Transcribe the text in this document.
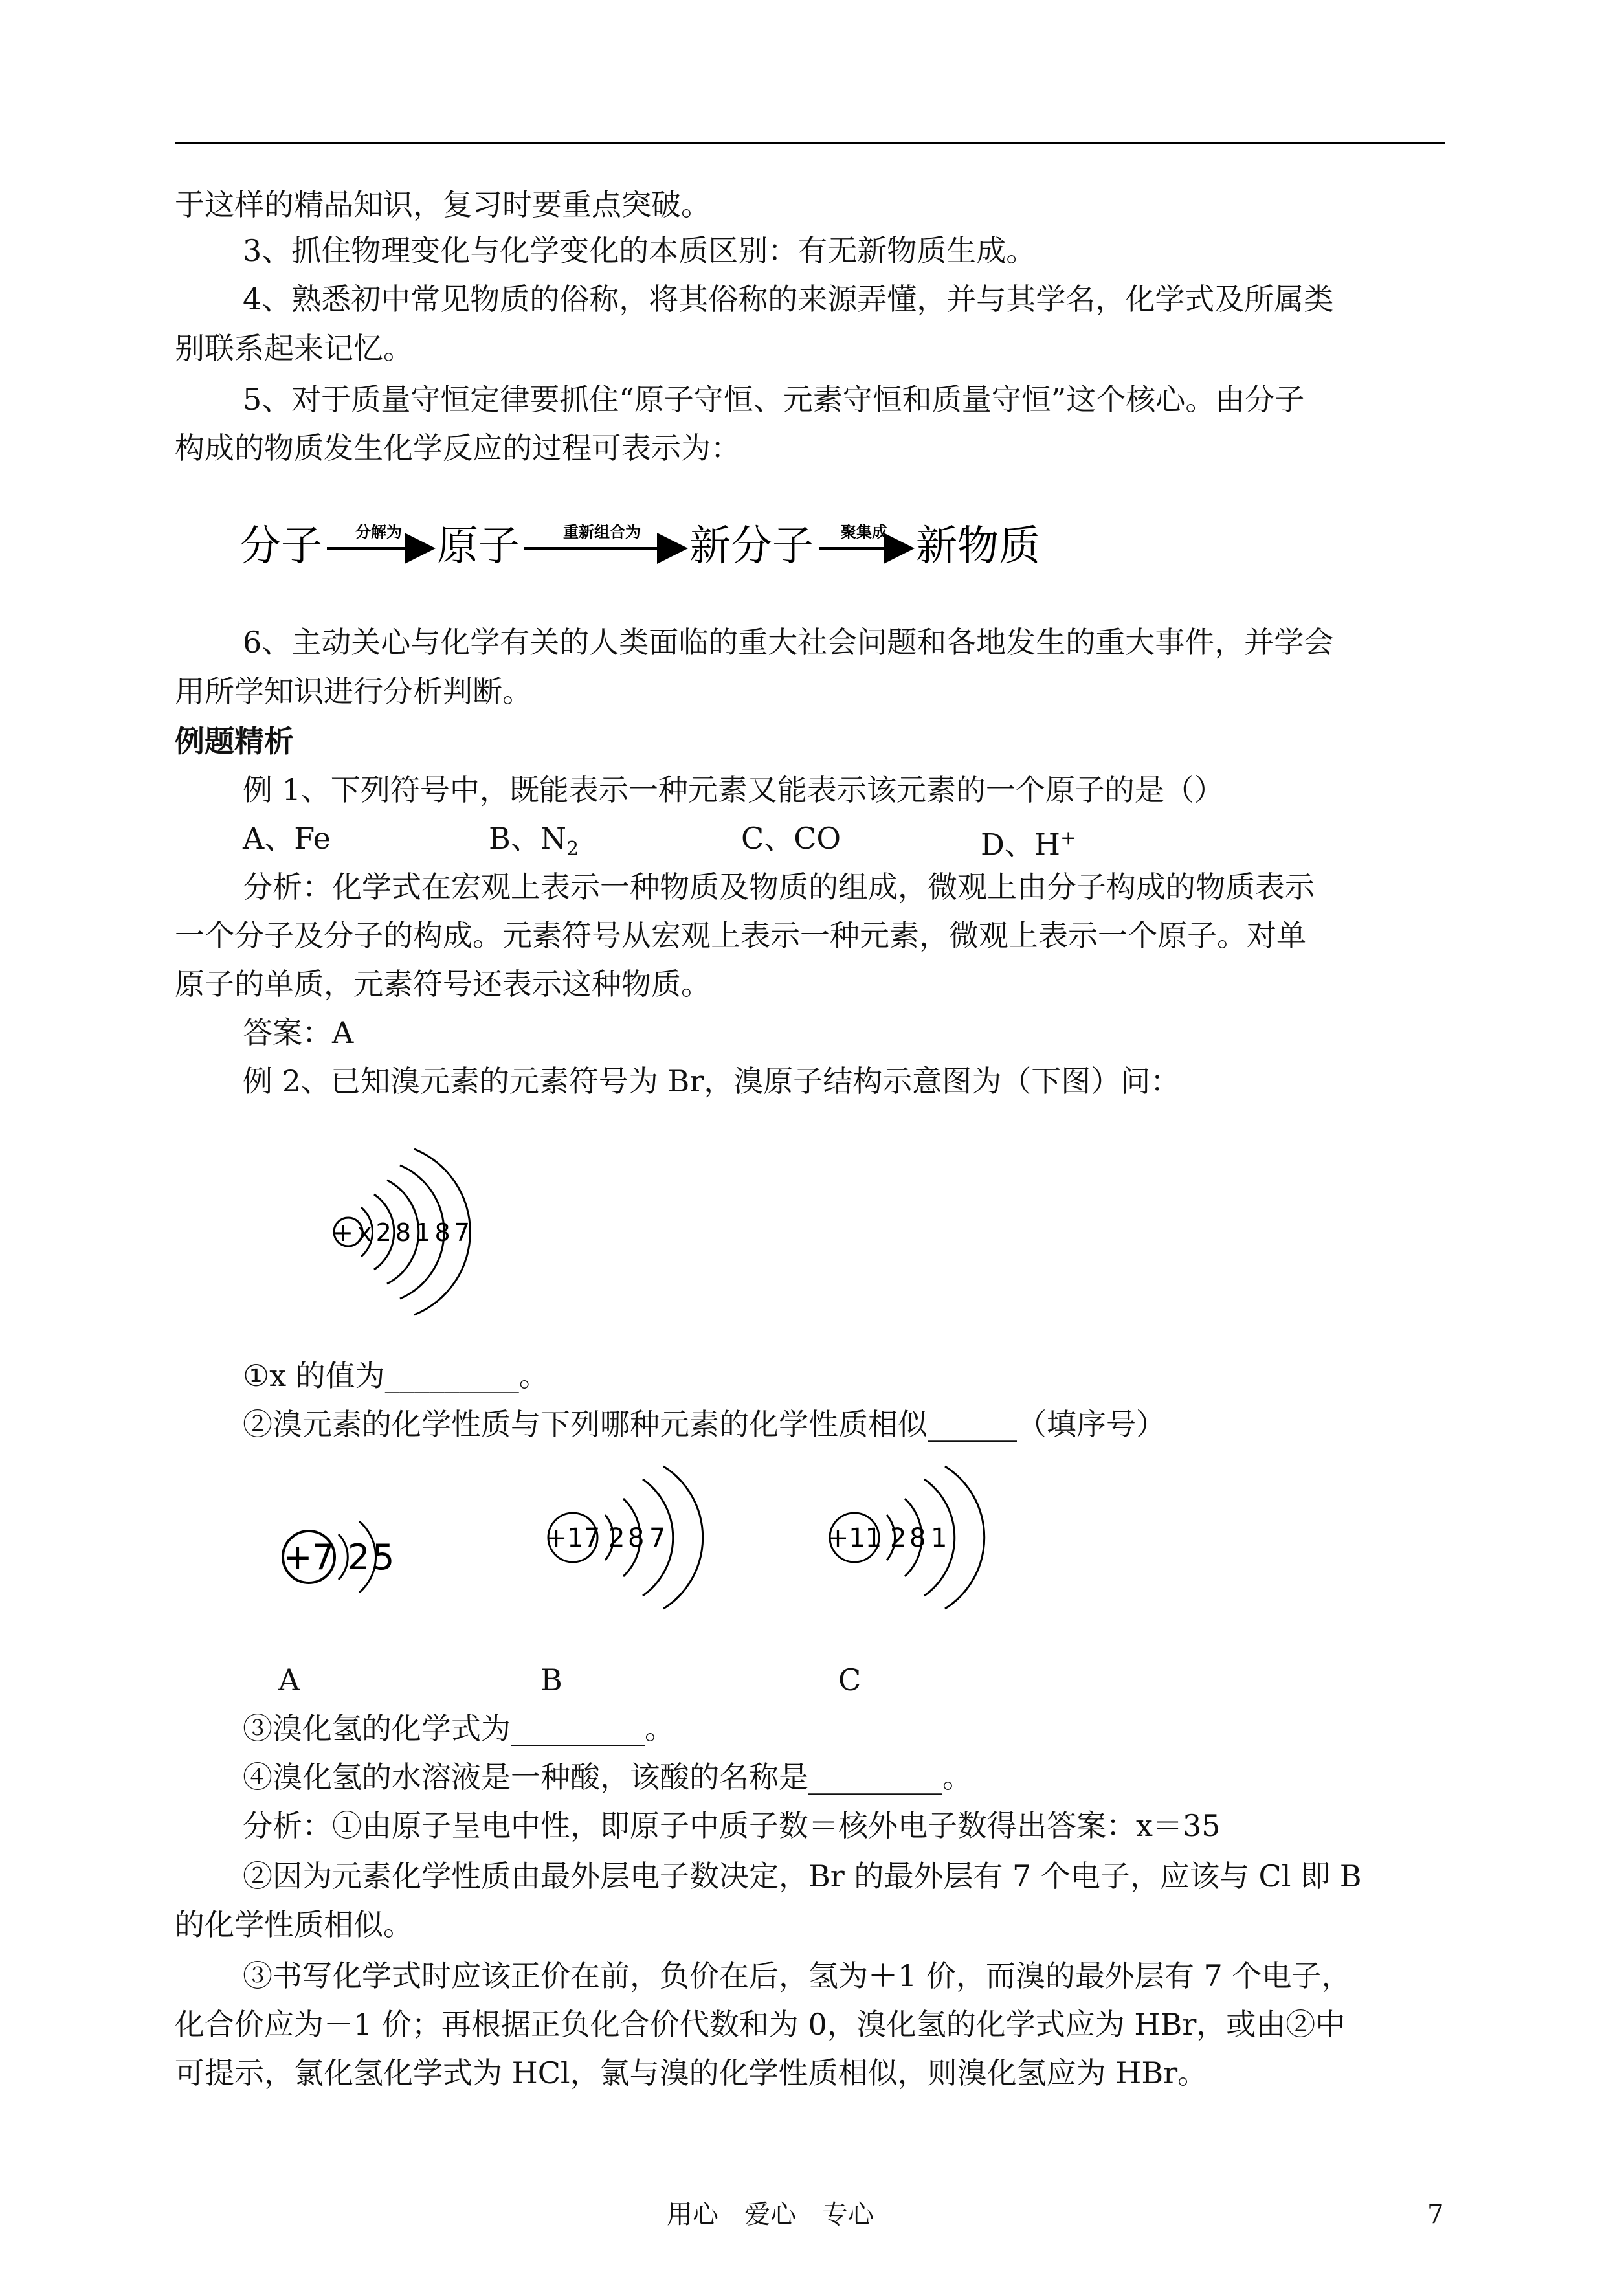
于这样的精品知识，复习时要重点突破。
3、抓住物理变化与化学变化的本质区别：有无新物质生成。
4、熟悉初中常见物质的俗称，将其俗称的来源弄懂，并与其学名，化学式及所属类
别联系起来记忆。
5、对于质量守恒定律要抓住“原子守恒、元素守恒和质量守恒”这个核心。由分子
构成的物质发生化学反应的过程可表示为：
分子 分解为 原子	重新组合为 新分子 聚集成 新物质
6、主动关心与化学有关的人类面临的重大社会问题和各地发生的重大事件，并学会
用所学知识进行分析判断。
例题精析
例 1、下列符号中，既能表示一种元素又能表示该元素的一个原子的是（）
A、Fe	B、$N_2$	C、CO	D、H+
分析：化学式在宏观上表示一种物质及物质的组成，微观上由分子构成的物质表示
一个分子及分子的构成。元素符号从宏观上表示一种元素，微观上表示一个原子。对单
原子的单质，元素符号还表示这种物质。
答案：A
例 2、已知溴元素的元素符号为 Br，溴原子结构示意图为（下图）问：
+x28187
①x 的值为_________。
②溴元素的化学性质与下列哪种元素的化学性质相似______（填序号）
+7 2 5	+17 2 8 7	+11 2 8 1
A	B	C
③溴化氢的化学式为_________。
④溴化氢的水溶液是一种酸，该酸的名称是_________。
分析：①由原子呈电中性，即原子中质子数＝核外电子数得出答案：x＝35
②因为元素化学性质由最外层电子数决定，Br 的最外层有 7 个电子，应该与 Cl 即 B
的化学性质相似。
③书写化学式时应该正价在前，负价在后，氢为＋1 价，而溴的最外层有 7 个电子，
化合价应为－1 价；再根据正负化合价代数和为 0，溴化氢的化学式应为 HBr，或由②中
可提示，氯化氢化学式为 HCl，氯与溴的化学性质相似，则溴化氢应为 HBr。
用心　爱心　专心	7
